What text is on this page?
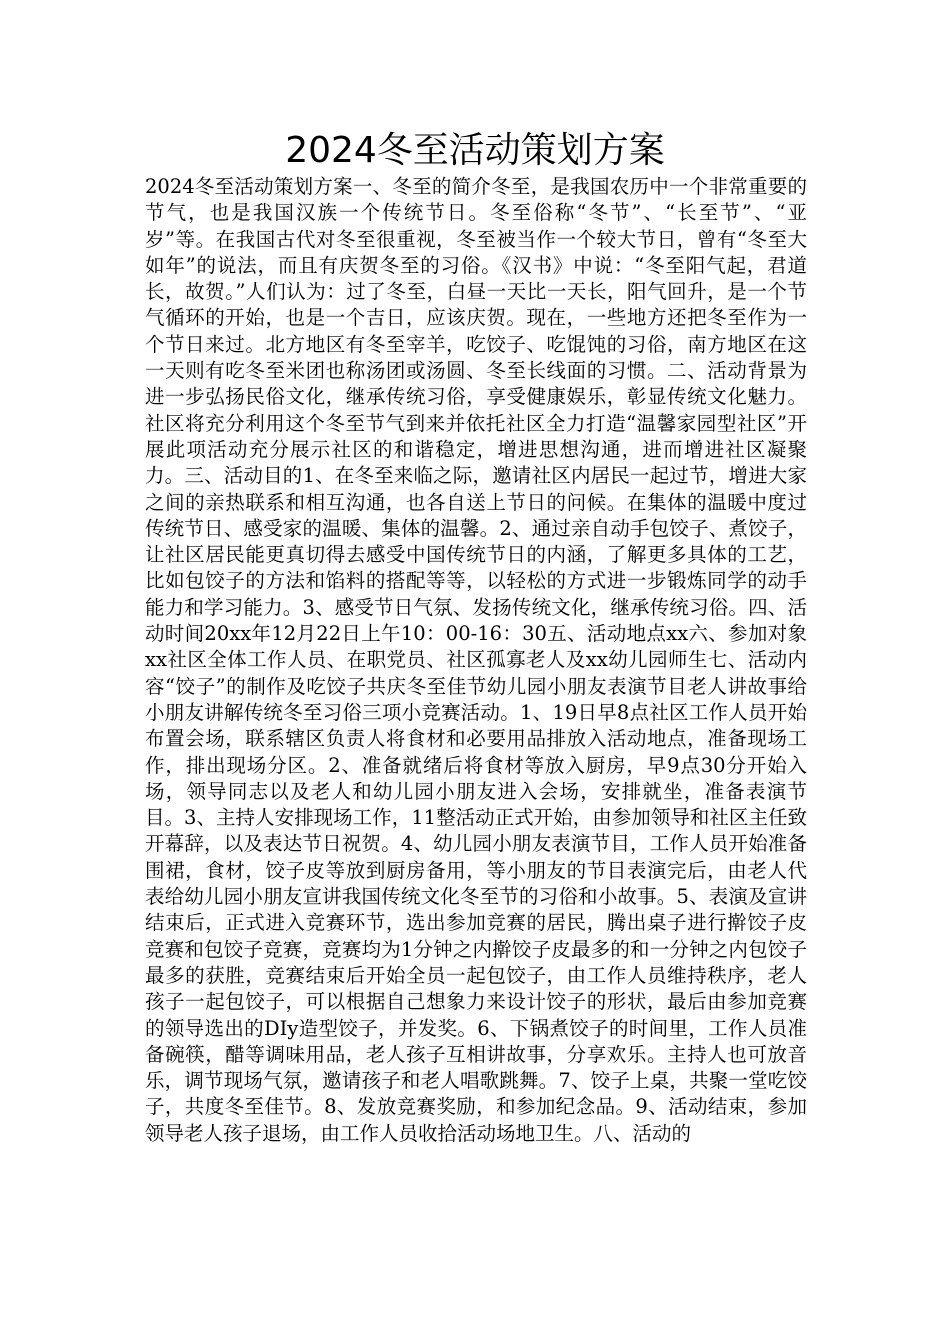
2024冬至活动策划方案

2024冬至活动策划方案一、冬至的简介冬至，是我国农历中一个非常重要的节气，也是我国汉族一个传统节日。冬至俗称“冬节”、“长至节”、“亚岁”等。在我国古代对冬至很重视，冬至被当作一个较大节日，曾有“冬至大如年”的说法，而且有庆贺冬至的习俗。《汉书》中说：“冬至阳气起，君道长，故贺。”人们认为：过了冬至，白昼一天比一天长，阳气回升，是一个节气循环的开始，也是一个吉日，应该庆贺。现在，一些地方还把冬至作为一个节日来过。北方地区有冬至宰羊，吃饺子、吃馄饨的习俗，南方地区在这一天则有吃冬至米团也称汤团或汤圆、冬至长线面的习惯。二、活动背景为进一步弘扬民俗文化，继承传统习俗，享受健康娱乐，彰显传统文化魅力。社区将充分利用这个冬至节气到来并依托社区全力打造“温馨家园型社区”开展此项活动充分展示社区的和谐稳定，增进思想沟通，进而增进社区凝聚力。三、活动目的1、在冬至来临之际，邀请社区内居民一起过节，增进大家之间的亲热联系和相互沟通，也各自送上节日的问候。在集体的温暖中度过传统节日、感受家的温暖、集体的温馨。2、通过亲自动手包饺子、煮饺子，让社区居民能更真切得去感受中国传统节日的内涵，了解更多具体的工艺，比如包饺子的方法和馅料的搭配等等，以轻松的方式进一步锻炼同学的动手能力和学习能力。3、感受节日气氛、发扬传统文化，继承传统习俗。四、活动时间20xx年12月22日上午10：00-16：30五、活动地点xx六、参加对象xx社区全体工作人员、在职党员、社区孤寡老人及xx幼儿园师生七、活动内容“饺子”的制作及吃饺子共庆冬至佳节幼儿园小朋友表演节目老人讲故事给小朋友讲解传统冬至习俗三项小竞赛活动。1、19日早8点社区工作人员开始布置会场，联系辖区负责人将食材和必要用品排放入活动地点，准备现场工作，排出现场分区。2、准备就绪后将食材等放入厨房，早9点30分开始入场，领导同志以及老人和幼儿园小朋友进入会场，安排就坐，准备表演节目。3、主持人安排现场工作，11整活动正式开始，由参加领导和社区主任致开幕辞，以及表达节日祝贺。4、幼儿园小朋友表演节目，工作人员开始准备围裙，食材，饺子皮等放到厨房备用，等小朋友的节目表演完后，由老人代表给幼儿园小朋友宣讲我国传统文化冬至节的习俗和小故事。5、表演及宣讲结束后，正式进入竞赛环节，选出参加竞赛的居民，腾出桌子进行擀饺子皮竞赛和包饺子竞赛，竞赛均为1分钟之内擀饺子皮最多的和一分钟之内包饺子最多的获胜，竞赛结束后开始全员一起包饺子，由工作人员维持秩序，老人孩子一起包饺子，可以根据自己想象力来设计饺子的形状，最后由参加竞赛的领导选出的DIy造型饺子，并发奖。6、下锅煮饺子的时间里，工作人员准备碗筷，醋等调味用品，老人孩子互相讲故事，分享欢乐。主持人也可放音乐，调节现场气氛，邀请孩子和老人唱歌跳舞。7、饺子上桌，共聚一堂吃饺子，共度冬至佳节。8、发放竞赛奖励，和参加纪念品。9、活动结束，参加领导老人孩子退场，由工作人员收拾活动场地卫生。八、活动的
